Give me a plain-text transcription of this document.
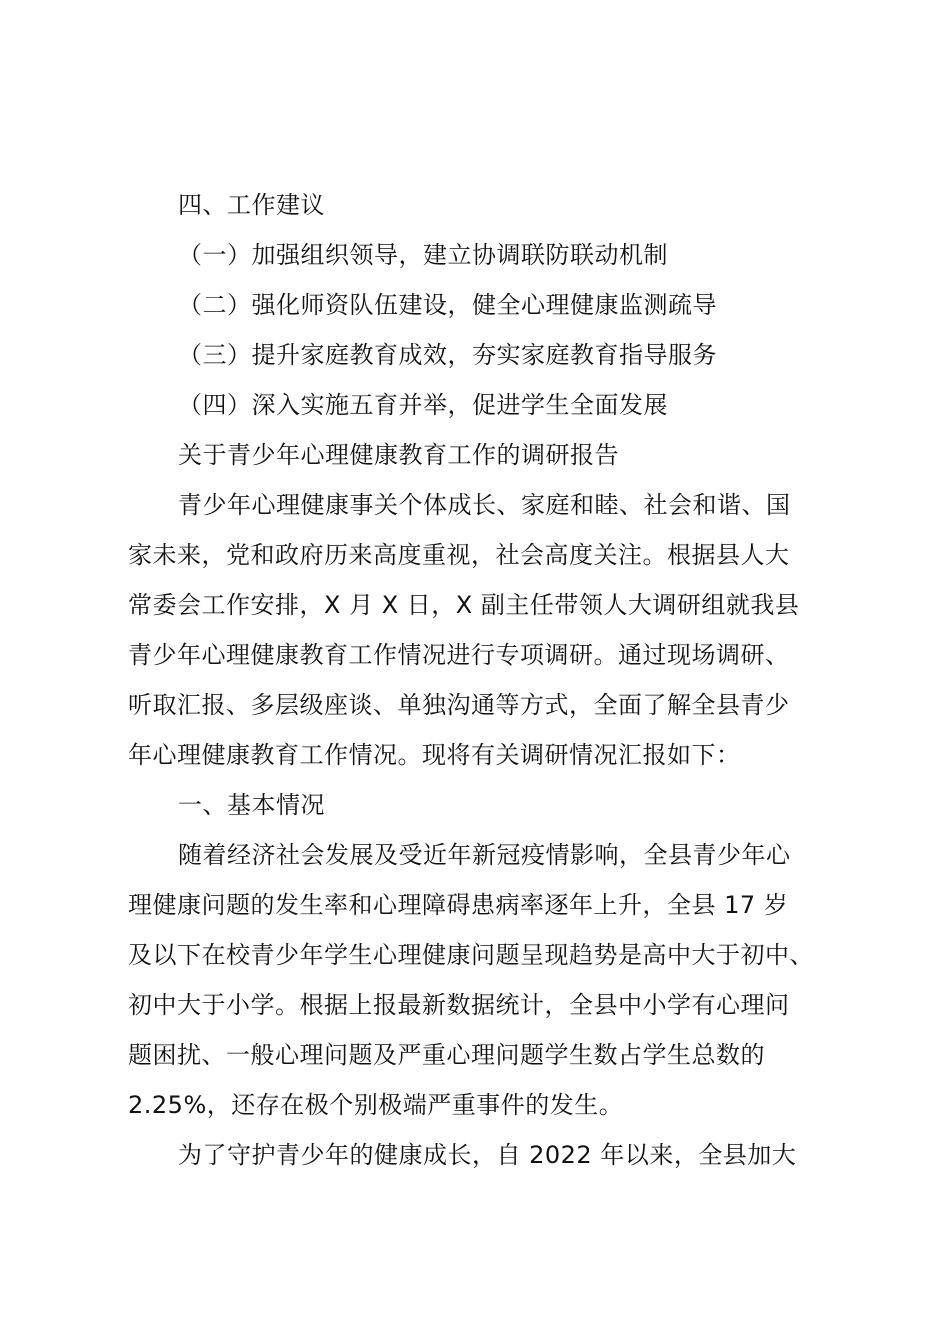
四、工作建议
（一）加强组织领导，建立协调联防联动机制
（二）强化师资队伍建设，健全心理健康监测疏导
（三）提升家庭教育成效，夯实家庭教育指导服务
（四）深入实施五育并举，促进学生全面发展
关于青少年心理健康教育工作的调研报告
青少年心理健康事关个体成长、家庭和睦、社会和谐、国
家未来，党和政府历来高度重视，社会高度关注。根据县人大
常委会工作安排，X 月 X 日，X 副主任带领人大调研组就我县
青少年心理健康教育工作情况进行专项调研。通过现场调研、
听取汇报、多层级座谈、单独沟通等方式，全面了解全县青少
年心理健康教育工作情况。现将有关调研情况汇报如下：
一、基本情况
随着经济社会发展及受近年新冠疫情影响，全县青少年心
理健康问题的发生率和心理障碍患病率逐年上升，全县 17 岁
及以下在校青少年学生心理健康问题呈现趋势是高中大于初中、
初中大于小学。根据上报最新数据统计，全县中小学有心理问
题困扰、一般心理问题及严重心理问题学生数占学生总数的
2.25%，还存在极个别极端严重事件的发生。
为了守护青少年的健康成长，自 2022 年以来，全县加大
